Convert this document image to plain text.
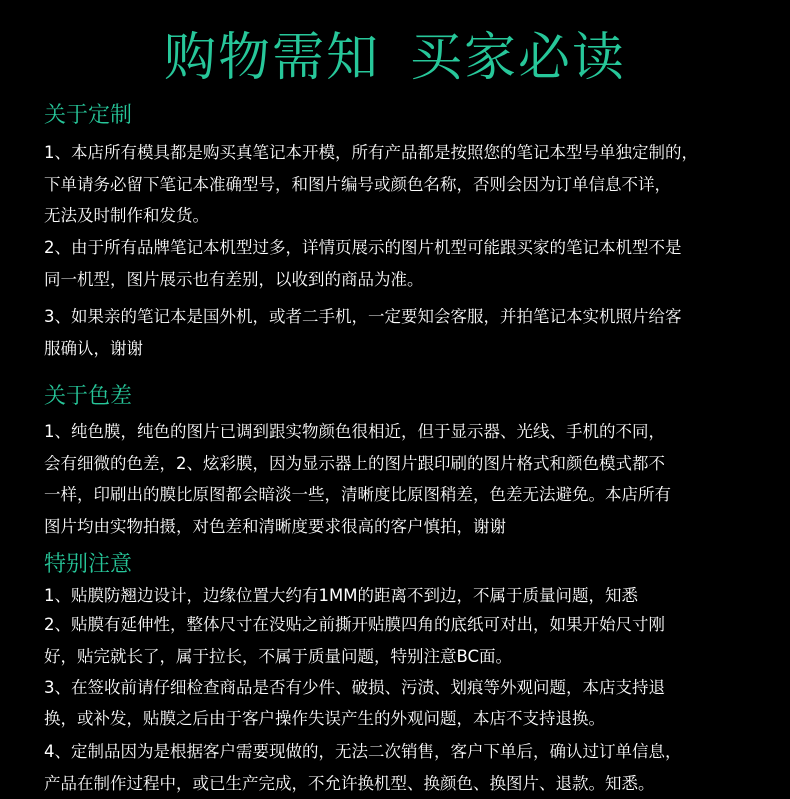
购物需知 买家必读
关于定制
1、本店所有模具都是购买真笔记本开模，所有产品都是按照您的笔记本型号单独定制的，
下单请务必留下笔记本准确型号，和图片编号或颜色名称，否则会因为订单信息不详，
无法及时制作和发货。
2、由于所有品牌笔记本机型过多，详情页展示的图片机型可能跟买家的笔记本机型不是
同一机型，图片展示也有差别，以收到的商品为准。
3、如果亲的笔记本是国外机，或者二手机，一定要知会客服，并拍笔记本实机照片给客
服确认，谢谢
关于色差
1、纯色膜，纯色的图片已调到跟实物颜色很相近，但于显示器、光线、手机的不同，
会有细微的色差，2、炫彩膜，因为显示器上的图片跟印刷的图片格式和颜色模式都不
一样，印刷出的膜比原图都会暗淡一些，清晰度比原图稍差，色差无法避免。本店所有
图片均由实物拍摄，对色差和清晰度要求很高的客户慎拍，谢谢
特别注意
1、贴膜防翘边设计，边缘位置大约有1MM的距离不到边，不属于质量问题，知悉
2、贴膜有延伸性，整体尺寸在没贴之前撕开贴膜四角的底纸可对出，如果开始尺寸刚
好，贴完就长了，属于拉长，不属于质量问题，特别注意BC面。
3、在签收前请仔细检查商品是否有少件、破损、污渍、划痕等外观问题，本店支持退
换，或补发，贴膜之后由于客户操作失误产生的外观问题，本店不支持退换。
4、定制品因为是根据客户需要现做的，无法二次销售，客户下单后，确认过订单信息，
产品在制作过程中，或已生产完成，不允许换机型、换颜色、换图片、退款。知悉。
